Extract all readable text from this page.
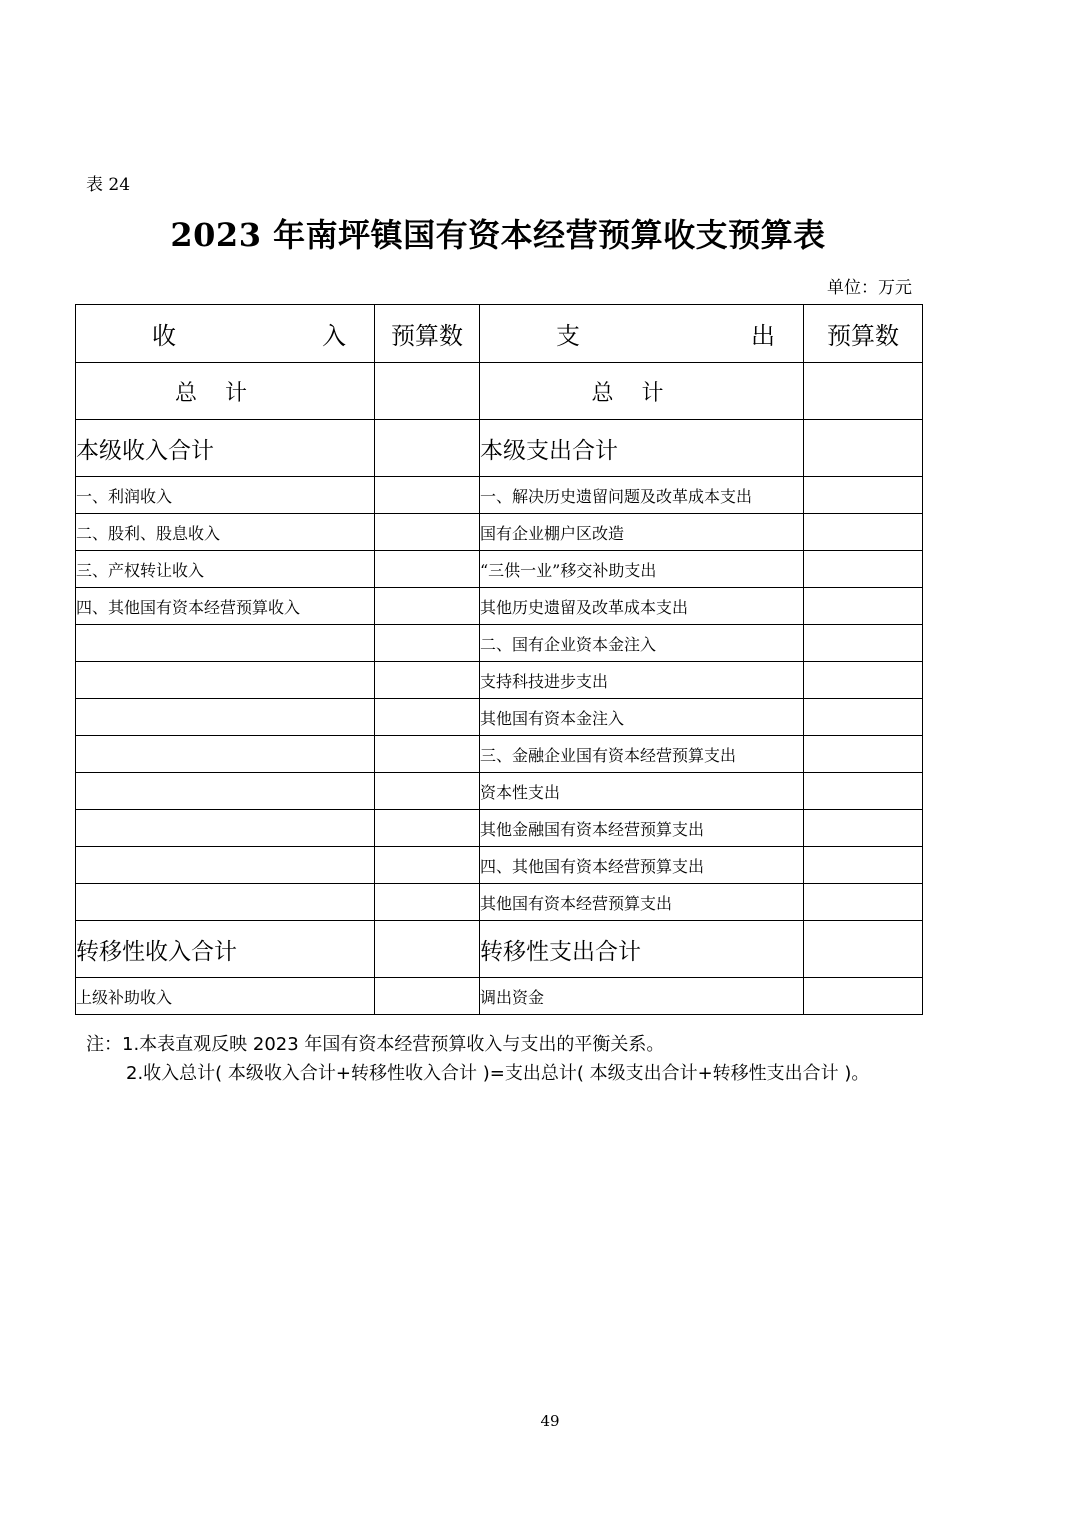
表 24
2023 年南坪镇国有资本经营预算收支预算表
单位：万元
收 入	预算数	支 出	预算数
总计		总计	
本级收入合计		本级支出合计	
一、利润收入		一、解决历史遗留问题及改革成本支出	
二、股利、股息收入		国有企业棚户区改造	
三、产权转让收入		“三供一业”移交补助支出	
四、其他国有资本经营预算收入		其他历史遗留及改革成本支出	
		二、国有企业资本金注入	
		支持科技进步支出	
		其他国有资本金注入	
		三、金融企业国有资本经营预算支出	
		资本性支出	
		其他金融国有资本经营预算支出	
		四、其他国有资本经营预算支出	
		其他国有资本经营预算支出	
转移性收入合计		转移性支出合计	
上级补助收入		调出资金	
注：1.本表直观反映 2023 年国有资本经营预算收入与支出的平衡关系。
2.收入总计( 本级收入合计+转移性收入合计 )=支出总计( 本级支出合计+转移性支出合计 )。
49
